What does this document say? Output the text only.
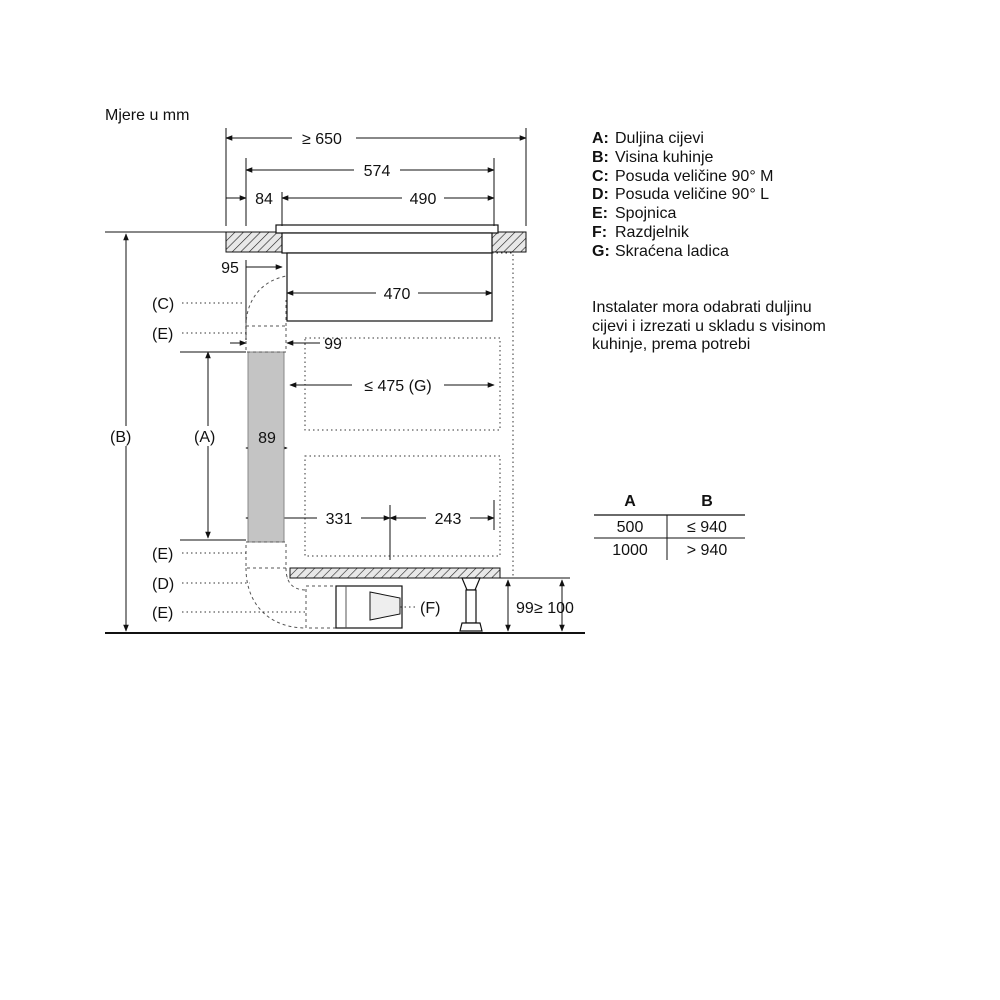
Mjere u mm
≥ 650
574
84	490
95
470
99
≤ 475 (G)
89
331	243
99 ≥ 100
(C)
(E)
(B)	(A)
(E)
(D)
(E)	(F)
A: Duljina cijevi
B: Visina kuhinje
C: Posuda veličine 90° M
D: Posuda veličine 90° L
E: Spojnica
F: Razdjelnik
G: Skraćena ladica
Instalater mora odabrati duljinu
cijevi i izrezati u skladu s visinom
kuhinje, prema potrebi
A	B
500	≤ 940
1000 > 940
